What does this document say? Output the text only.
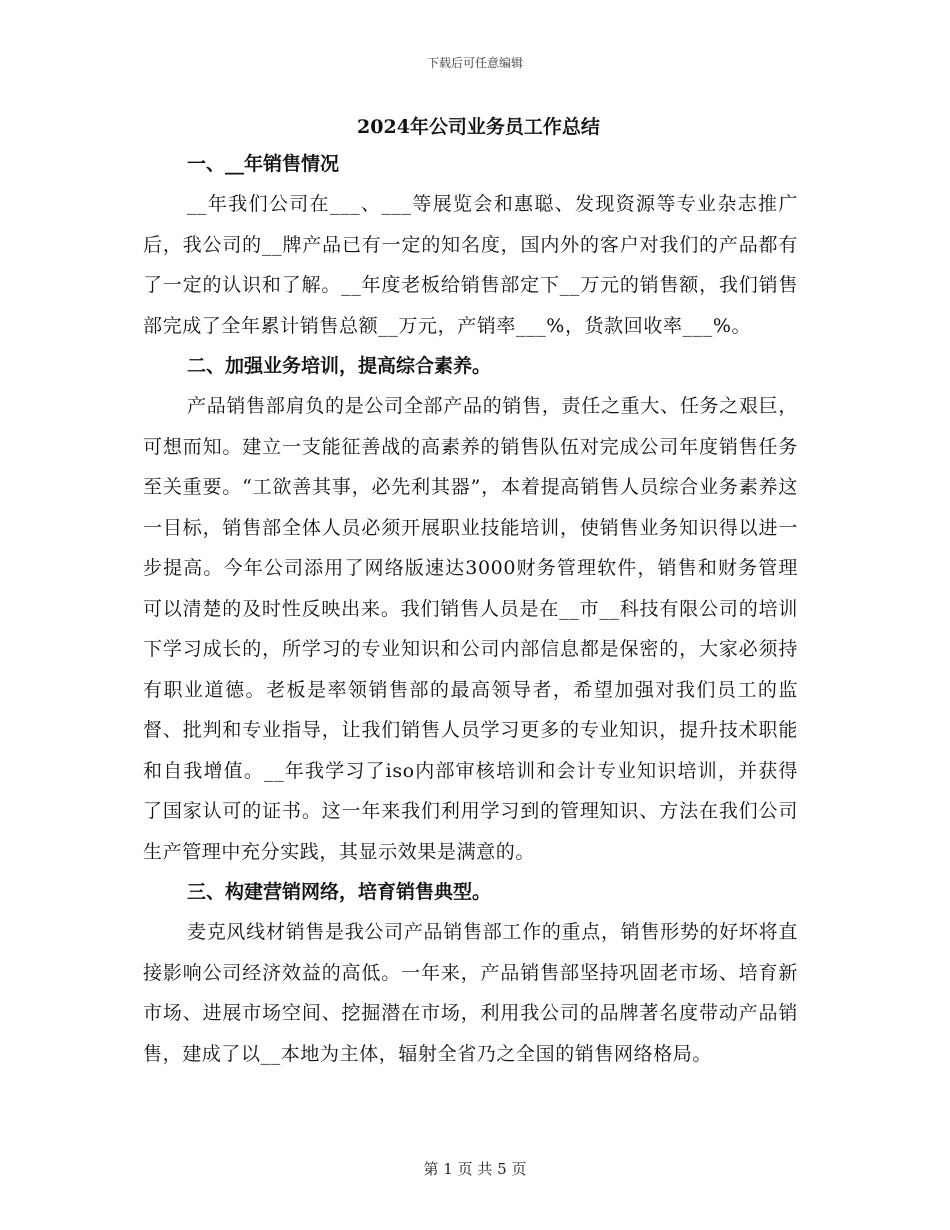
下载后可任意编辑
2024年公司业务员工作总结
一、__年销售情况

__年我们公司在___、___等展览会和惠聪、发现资源等专业杂志推广后，我公司的__牌产品已有一定的知名度，国内外的客户对我们的产品都有了一定的认识和了解。__年度老板给销售部定下__万元的销售额，我们销售部完成了全年累计销售总额__万元，产销率___%，货款回收率___%。

二、加强业务培训，提高综合素养。

产品销售部肩负的是公司全部产品的销售，责任之重大、任务之艰巨，可想而知。建立一支能征善战的高素养的销售队伍对完成公司年度销售任务至关重要。“工欲善其事，必先利其器”，本着提高销售人员综合业务素养这一目标，销售部全体人员必须开展职业技能培训，使销售业务知识得以进一步提高。今年公司添用了网络版速达3000财务管理软件，销售和财务管理可以清楚的及时性反映出来。我们销售人员是在__市__科技有限公司的培训下学习成长的，所学习的专业知识和公司内部信息都是保密的，大家必须持有职业道德。老板是率领销售部的最高领导者，希望加强对我们员工的监督、批判和专业指导，让我们销售人员学习更多的专业知识，提升技术职能和自我增值。__年我学习了iso内部审核培训和会计专业知识培训，并获得了国家认可的证书。这一年来我们利用学习到的管理知识、方法在我们公司生产管理中充分实践，其显示效果是满意的。

三、构建营销网络，培育销售典型。

麦克风线材销售是我公司产品销售部工作的重点，销售形势的好坏将直接影响公司经济效益的高低。一年来，产品销售部坚持巩固老市场、培育新市场、进展市场空间、挖掘潜在市场，利用我公司的品牌著名度带动产品销售，建成了以__本地为主体，辐射全省乃之全国的销售网络格局。

第 1 页 共 5 页
